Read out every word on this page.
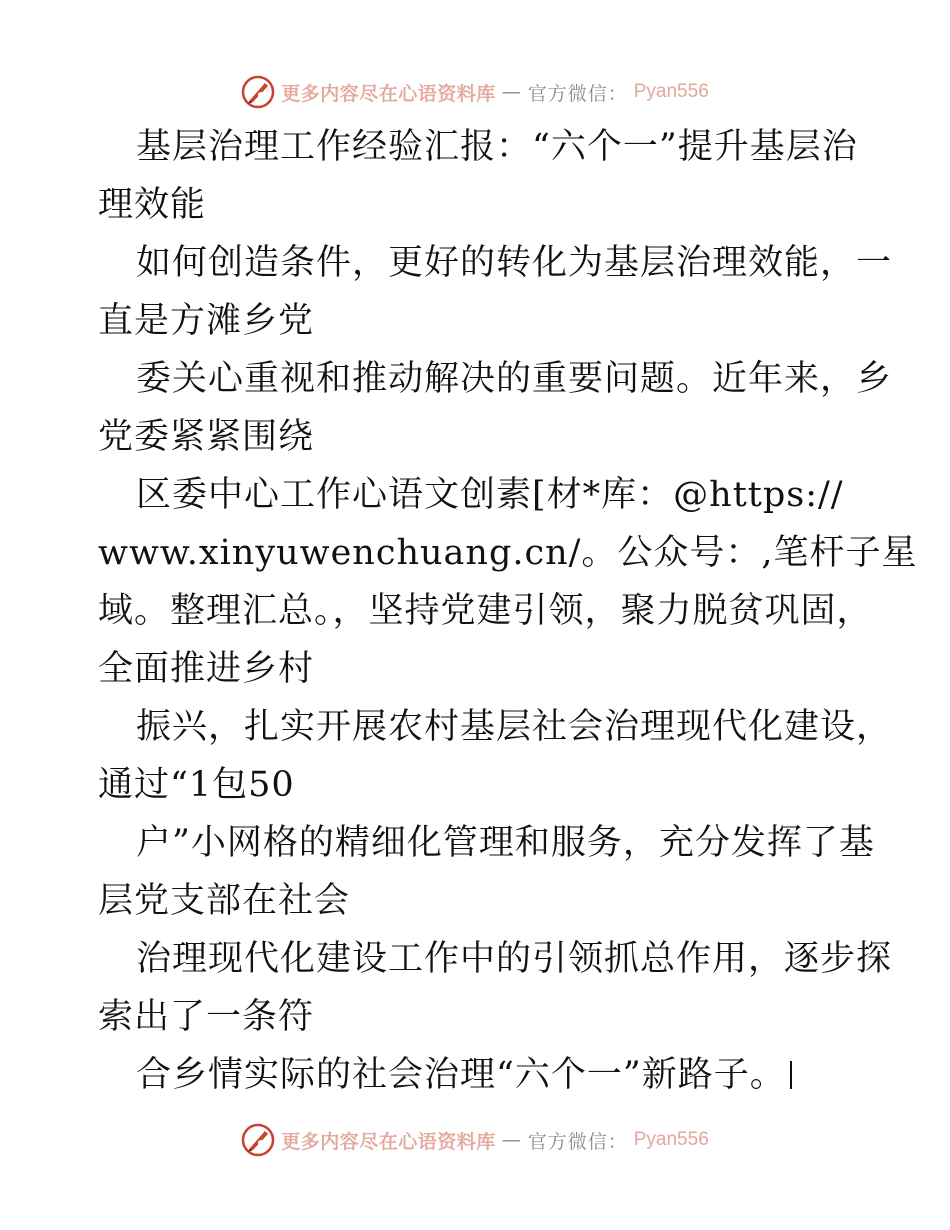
更多内容尽在心语资料库 — 官方微信： Pyan556
基层治理工作经验汇报：“六个一”提升基层治
理效能
如何创造条件，更好的转化为基层治理效能，一
直是方滩乡党
委关心重视和推动解决的重要问题。近年来，乡
党委紧紧围绕
区委中心工作心语文创素[材*库：@https://
www.xinyuwenchuang.cn/。公众号：,笔杆子星
域。整理汇总。，坚持党建引领，聚力脱贫巩固，
全面推进乡村
振兴，扎实开展农村基层社会治理现代化建设，
通过“1包50
户”小网格的精细化管理和服务，充分发挥了基
层党支部在社会
治理现代化建设工作中的引领抓总作用，逐步探
索出了一条符
合乡情实际的社会治理“六个一”新路子。
更多内容尽在心语资料库 — 官方微信： Pyan556
